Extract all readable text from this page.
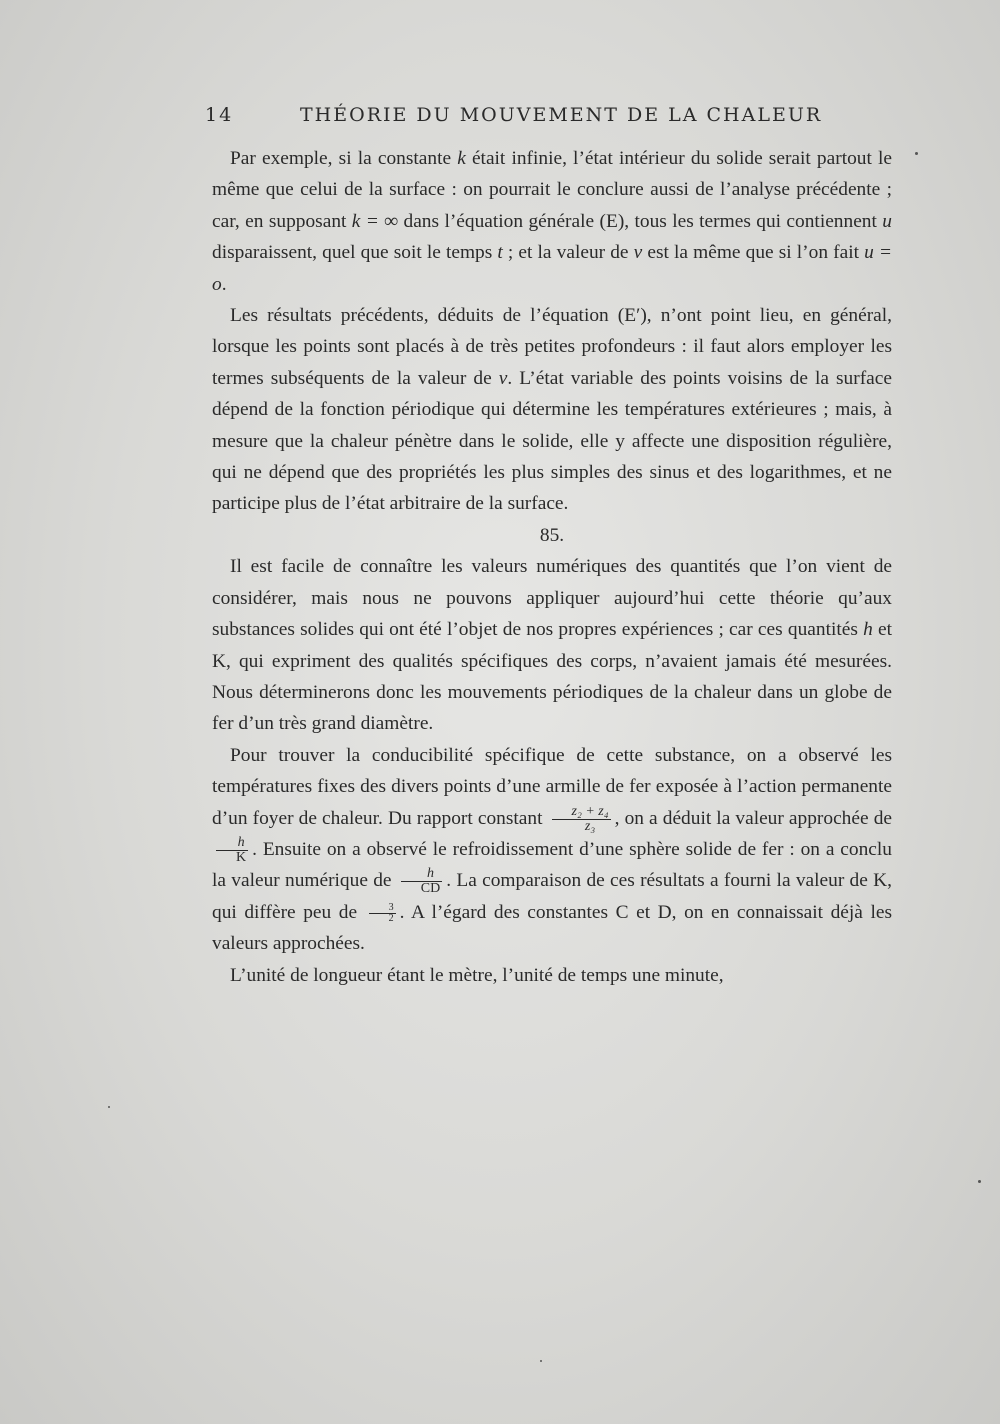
14	THÉORIE DU MOUVEMENT DE LA CHALEUR

Par exemple, si la constante k était infinie, l’état intérieur du solide serait partout le même que celui de la surface : on pourrait le conclure aussi de l’analyse précédente ; car, en supposant k = ∞ dans l’équation générale (E), tous les termes qui contiennent u disparaissent, quel que soit le temps t ; et la valeur de v est la même que si l’on fait u = o.

Les résultats précédents, déduits de l’équation (E′), n’ont point lieu, en général, lorsque les points sont placés à de très petites profondeurs : il faut alors employer les termes subséquents de la valeur de v. L’état variable des points voisins de la surface dépend de la fonction périodique qui détermine les températures extérieures ; mais, à mesure que la chaleur pénètre dans le solide, elle y affecte une disposition régulière, qui ne dépend que des propriétés les plus simples des sinus et des logarithmes, et ne participe plus de l’état arbitraire de la surface.

85.

Il est facile de connaître les valeurs numériques des quantités que l’on vient de considérer, mais nous ne pouvons appliquer aujourd’hui cette théorie qu’aux substances solides qui ont été l’objet de nos propres expériences ; car ces quantités h et K, qui expriment des qualités spécifiques des corps, n’avaient jamais été mesurées. Nous déterminerons donc les mouvements périodiques de la chaleur dans un globe de fer d’un très grand diamètre.

Pour trouver la conducibilité spécifique de cette substance, on a observé les températures fixes des divers points d’une armille de fer exposée à l’action permanente d’un foyer de chaleur. Du rapport constant $\frac{\text{z₂ + z₄}}{\text{z₃}}$ , on a déduit la valeur approchée de
$\frac{h}{K}$ . Ensuite on a observé le refroidissement d’une sphère solide de fer : on a conclu la valeur numérique de $\frac{h}{CD}$ . La comparaison de ces résultats a fourni la valeur de K, qui diffère peu de $\frac{3}{2}$ . A l’égard des constantes C et D, on en connaissait déjà les valeurs approchées.

L’unité de longueur étant le mètre, l’unité de temps une minute,
